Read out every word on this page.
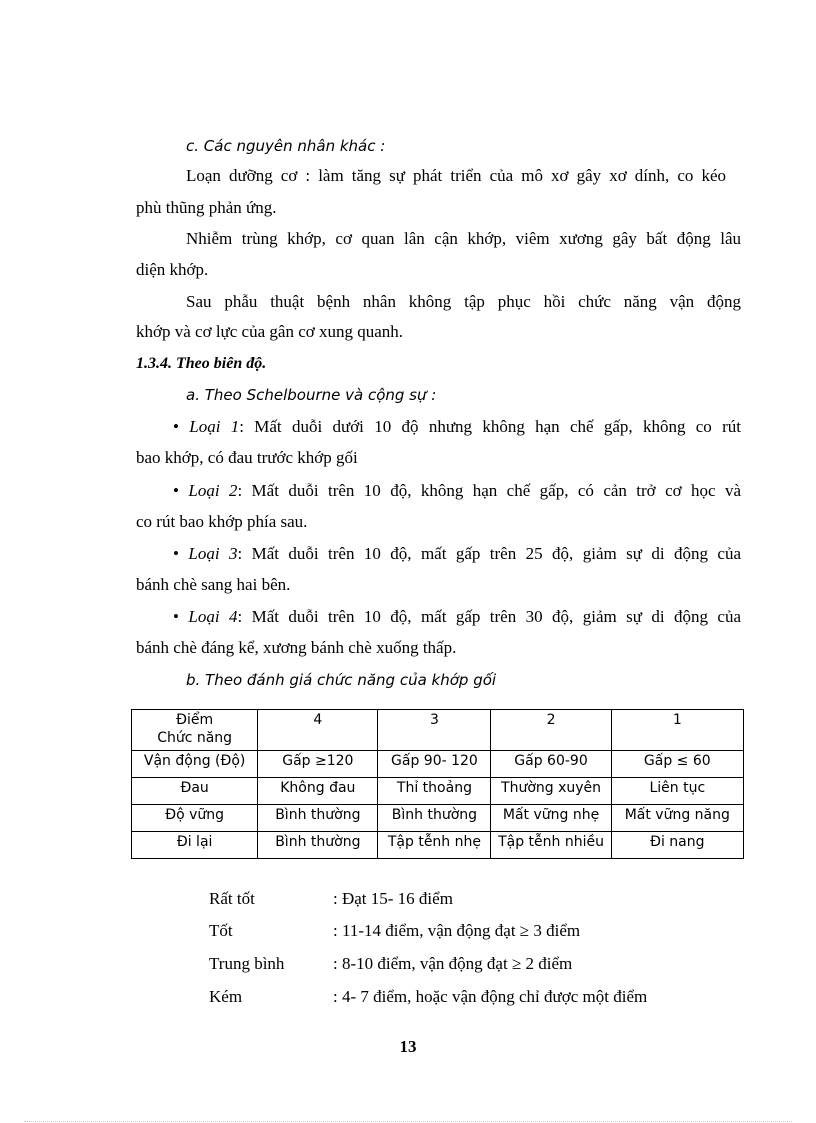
c. Các nguyên nhân khác :
Loạn dưỡng cơ : làm tăng sự phát triển của mô xơ gây xơ dính, co kéo
phù thũng phản ứng.
Nhiễm trùng khớp, cơ quan lân cận khớp, viêm xương gây bất động lâu
diện khớp.
Sau phẫu thuật bệnh nhân không tập phục hồi chức năng vận động
khớp và cơ lực của gân cơ xung quanh.
1.3.4. Theo biên độ.
a. Theo Schelbourne và cộng sự :
• Loại 1: Mất duỗi dưới 10 độ nhưng không hạn chế gấp, không co rút
bao khớp, có đau trước khớp gối
• Loại 2: Mất duỗi trên 10 độ, không hạn chế gấp, có cản trở cơ học và
co rút bao khớp phía sau.
• Loại 3: Mất duỗi trên 10 độ, mất gấp trên 25 độ, giảm sự di động của
bánh chè sang hai bên.
• Loại 4: Mất duỗi trên 10 độ, mất gấp trên 30 độ, giảm sự di động của
bánh chè đáng kể, xương bánh chè xuống thấp.
b. Theo đánh giá chức năng của khớp gối
Điểm
Chức năng	4	3	2	1
Vận động (Độ)	Gấp ≥120	Gấp 90- 120	Gấp 60-90	Gấp ≤ 60
Đau	Không đau	Thỉ thoảng	Thường xuyên	Liên tục
Độ vững	Bình thường	Bình thường	Mất vững nhẹ	Mất vững năng
Đi lại	Bình thường	Tập tễnh nhẹ	Tập tễnh nhiều	Đi nang
Rất tốt	: Đạt 15- 16 điểm
Tốt	: 11-14 điểm, vận động đạt ≥ 3 điểm
Trung bình	: 8-10 điểm, vận động đạt ≥ 2 điểm
Kém	: 4- 7 điểm, hoặc vận động chỉ được một điểm
13
